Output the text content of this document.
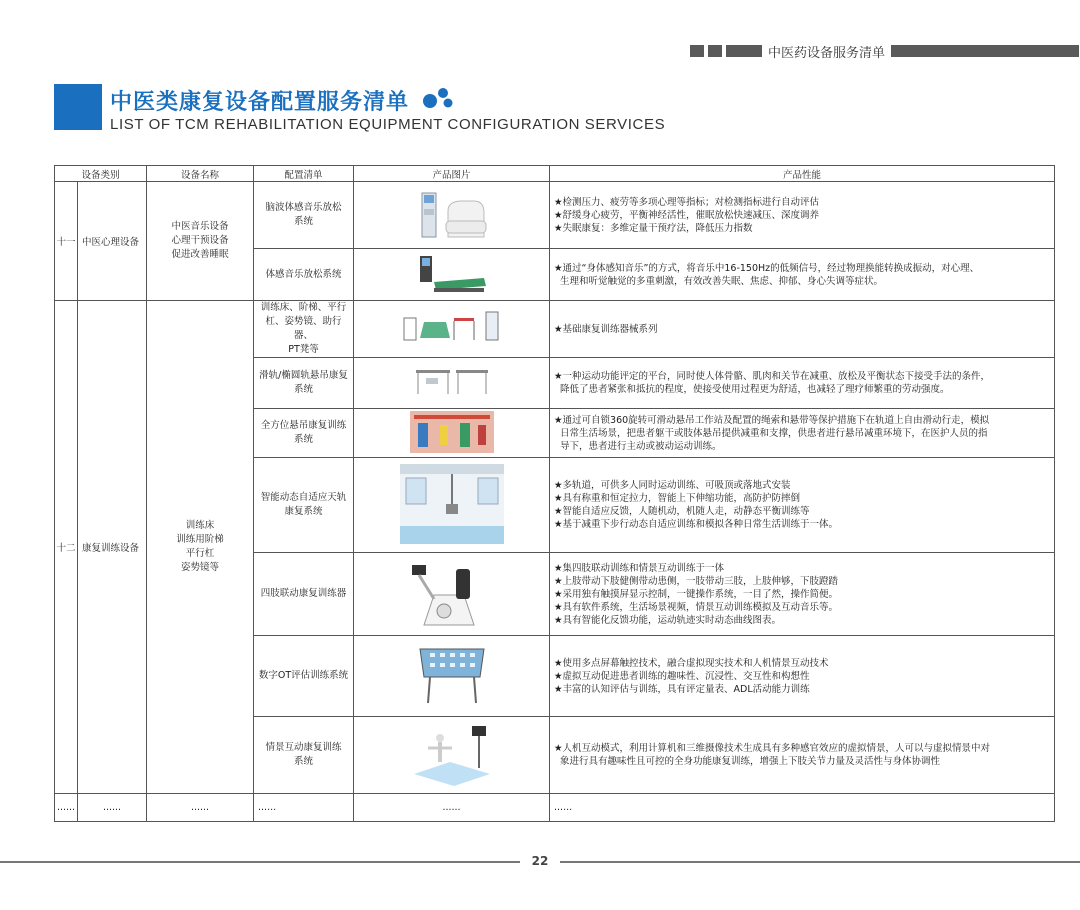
中医药设备服务清单
中医类康复设备配置服务清单
LIST OF TCM REHABILITATION EQUIPMENT CONFIGURATION SERVICES
设备类别		设备名称	配置清单	产品图片	产品性能
十一	中医心理设备	中医音乐设备
心理干预设备
促进改善睡眠	脑波体感音乐放松
系统		★检测压力、疲劳等多项心理等指标；对检测指标进行自动评估
★舒缓身心疲劳，平衡神经活性，催眠放松快速减压、深度调养
★失眠康复：多维定量干预疗法，降低压力指数

			体感音乐放松系统		★通过“身体感知音乐”的方式，将音乐中16-150Hz的低频信号，经过物理换能转换成振动，对心理、
生理和听觉触觉的多重刺激，有效改善失眠、焦虑、抑郁、身心失调等症状。

十二	康复训练设备	训练床
训练用阶梯
平行杠
姿势镜等	训练床、阶梯、平行
杠、姿势镜、助行器、
PT凳等		★基础康复训练器械系列

			滑轨/椭圆轨悬吊康复
系统		★一种运动功能评定的平台，同时使人体骨骼、肌肉和关节在减重、放松及平衡状态下接受手法的条件，
降低了患者紧张和抵抗的程度，使接受使用过程更为舒适，也减轻了理疗师繁重的劳动强度。

			全方位悬吊康复训练
系统		★通过可自锁360旋转可滑动悬吊工作站及配置的绳索和悬带等保护措施下在轨道上自由滑动行走，模拟
日常生活场景，把患者躯干或肢体悬吊提供减重和支撑，供患者进行悬吊减重环境下，在医护人员的指
导下，患者进行主动或被动运动训练。

			智能动态自适应天轨
康复系统		★多轨道，可供多人同时运动训练、可吸顶或落地式安装
★具有称重和恒定拉力，智能上下伸缩功能，高防护防摔倒
★智能自适应反馈，人随机动，机随人走，动静态平衡训练等
★基于减重下步行动态自适应训练和模拟各种日常生活训练于一体。

			四肢联动康复训练器		★集四肢联动训练和情景互动训练于一体
★上肢带动下肢健侧带动患侧，一肢带动三肢，上肢伸够，下肢蹬踏
★采用独有触摸屏显示控制，一键操作系统，一目了然，操作简便。
★具有软件系统，生活场景视频，情景互动训练模拟及互动音乐等。
★具有智能化反馈功能，运动轨迹实时动态曲线图表。

			数字OT评估训练系统		★使用多点屏幕触控技术，融合虚拟现实技术和人机情景互动技术
★虚拟互动促进患者训练的趣味性、沉浸性、交互性和构想性
★丰富的认知评估与训练，具有评定量表、ADL活动能力训练

			情景互动康复训练
系统		★人机互动模式，利用计算机和三维摄像技术生成具有多种感官效应的虚拟情景，人可以与虚拟情景中对
象进行具有趣味性且可控的全身功能康复训练，增强上下肢关节力量及灵活性与身体协调性

......	......	......	......	......	......
22
